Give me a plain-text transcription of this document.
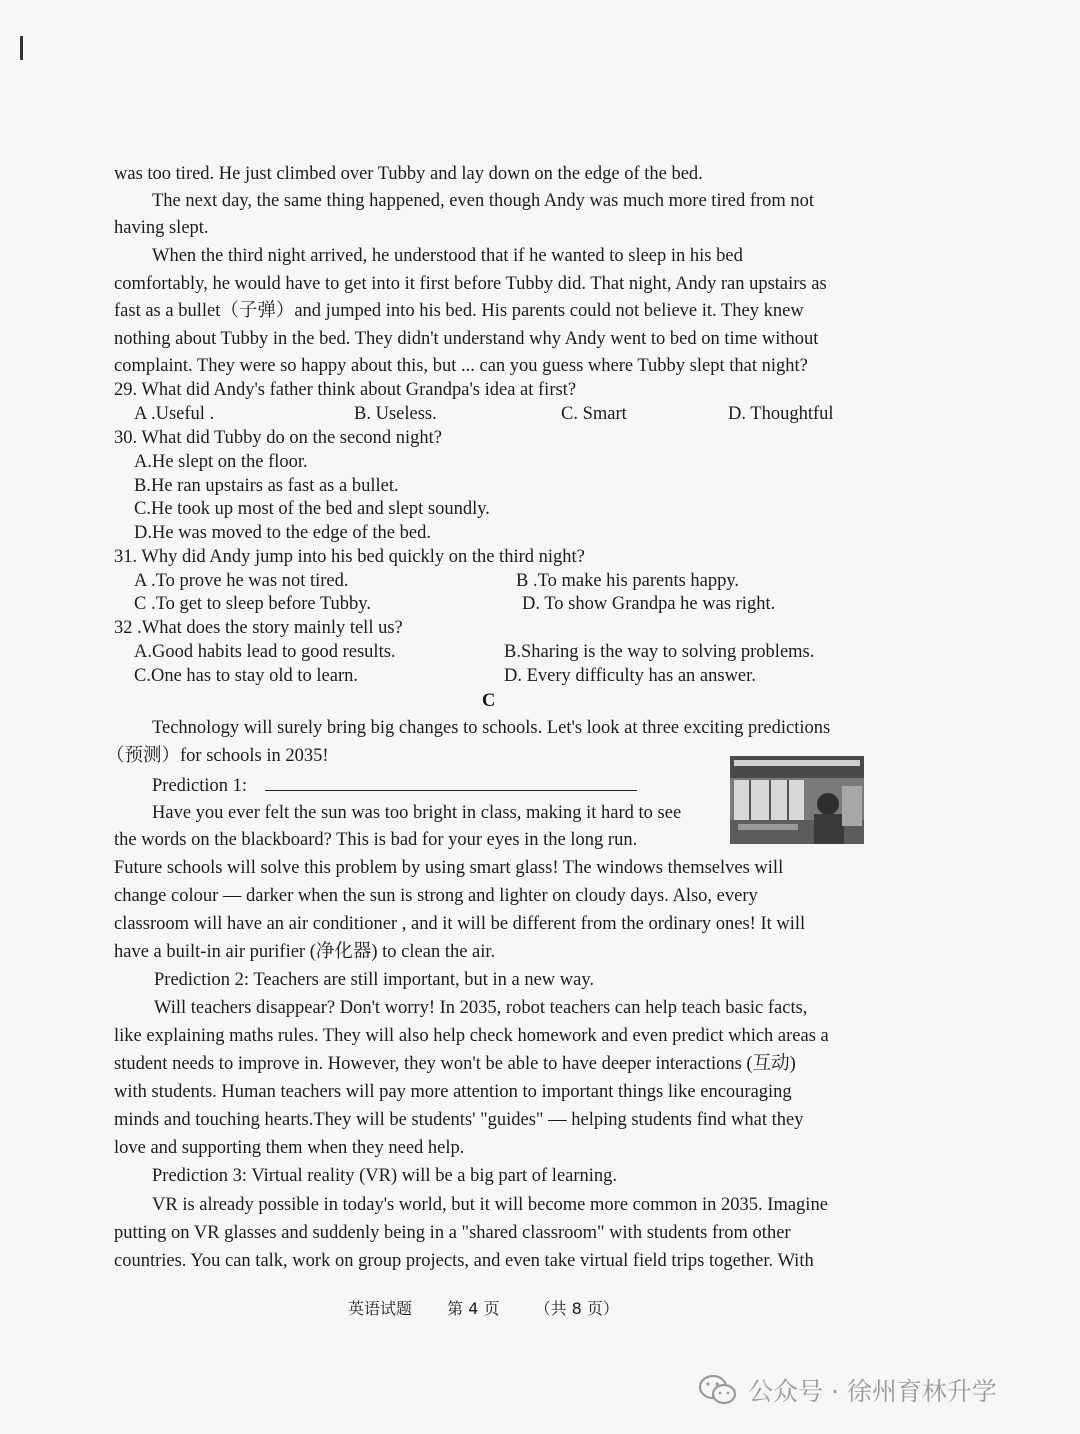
was too tired. He just climbed over Tubby and lay down on the edge of the bed.
The next day, the same thing happened, even though Andy was much more tired from not
having slept.
When the third night arrived, he understood that if he wanted to sleep in his bed
comfortably, he would have to get into it first before Tubby did. That night, Andy ran upstairs as
fast as a bullet（子弹）and jumped into his bed. His parents could not believe it. They knew
nothing about Tubby in the bed. They didn't understand why Andy went to bed on time without
complaint. They were so happy about this, but ... can you guess where Tubby slept that night?
29. What did Andy's father think about Grandpa's idea at first?
A .Useful .	B. Useless.	C. Smart	D. Thoughtful
30. What did Tubby do on the second night?
A.He slept on the floor.
B.He ran upstairs as fast as a bullet.
C.He took up most of the bed and slept soundly.
D.He was moved to the edge of the bed.
31. Why did Andy jump into his bed quickly on the third night?
A .To prove he was not tired.	B .To make his parents happy.
C .To get to sleep before Tubby.	D. To show Grandpa he was right.
32 .What does the story mainly tell us?
A.Good habits lead to good results.	B.Sharing is the way to solving problems.
C.One has to stay old to learn.	D. Every difficulty has an answer.
C
Technology will surely bring big changes to schools. Let's look at three exciting predictions
（预测）for schools in 2035!
Prediction 1:
Have you ever felt the sun was too bright in class, making it hard to see
the words on the blackboard? This is bad for your eyes in the long run.
Future schools will solve this problem by using smart glass! The windows themselves will
change colour — darker when the sun is strong and lighter on cloudy days. Also, every
classroom will have an air conditioner , and it will be different from the ordinary ones! It will
have a built-in air purifier (净化器) to clean the air.
Prediction 2: Teachers are still important, but in a new way.
Will teachers disappear? Don't worry! In 2035, robot teachers can help teach basic facts,
like explaining maths rules. They will also help check homework and even predict which areas a
student needs to improve in. However, they won't be able to have deeper interactions (互动)
with students. Human teachers will pay more attention to important things like encouraging
minds and touching hearts.They will be students' "guides" — helping students find what they
love and supporting them when they need help.
Prediction 3: Virtual reality (VR) will be a big part of learning.
VR is already possible in today's world, but it will become more common in 2035. Imagine
putting on VR glasses and suddenly being in a "shared classroom" with students from other
countries. You can talk, work on group projects, and even take virtual field trips together. With
英语试题 第 4 页 （共 8 页）
公众号 · 徐州育林升学
